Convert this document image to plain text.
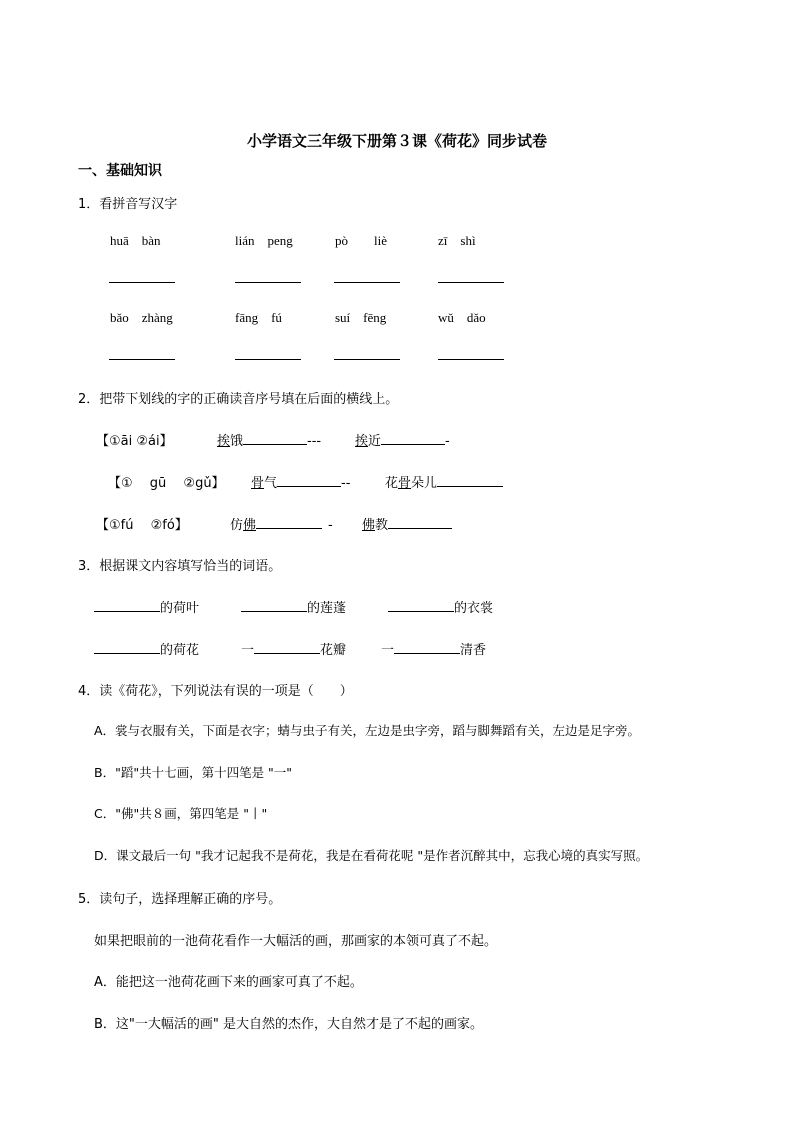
小学语文三年级下册第３课《荷花》同步试卷
一、基础知识
1．看拼音写汉字
huā　bàn	lián　peng	pò　　liè	zī　shì
bǎo　zhàng	fāng　fú	suí　fēng	wǔ　dǎo
2．把带下划线的字的正确读音序号填在后面的横线上。
【①āi ②ái】	挨饿	---	挨近	-
【①　 gū　 ②gǔ】 骨气	--	花骨朵儿
【①fú　 ②fó】	仿佛	- 佛教
3．根据课文内容填写恰当的词语。
的荷叶	的莲蓬	的衣裳
的荷花	一	花瓣	一	清香
4．读《荷花》，下列说法有误的一项是（　　）
A．裳与衣服有关，下面是衣字；蜻与虫子有关，左边是虫字旁，蹈与脚舞蹈有关，左边是足字旁。
B．"蹈"共十七画，第十四笔是 "一"
C．"佛"共８画，第四笔是 "丨"
D．课文最后一句 "我才记起我不是荷花，我是在看荷花呢 "是作者沉醉其中，忘我心境的真实写照。
5．读句子，选择理解正确的序号。
如果把眼前的一池荷花看作一大幅活的画，那画家的本领可真了不起。
A．能把这一池荷花画下来的画家可真了不起。
B．这"一大幅活的画" 是大自然的杰作，大自然才是了不起的画家。
